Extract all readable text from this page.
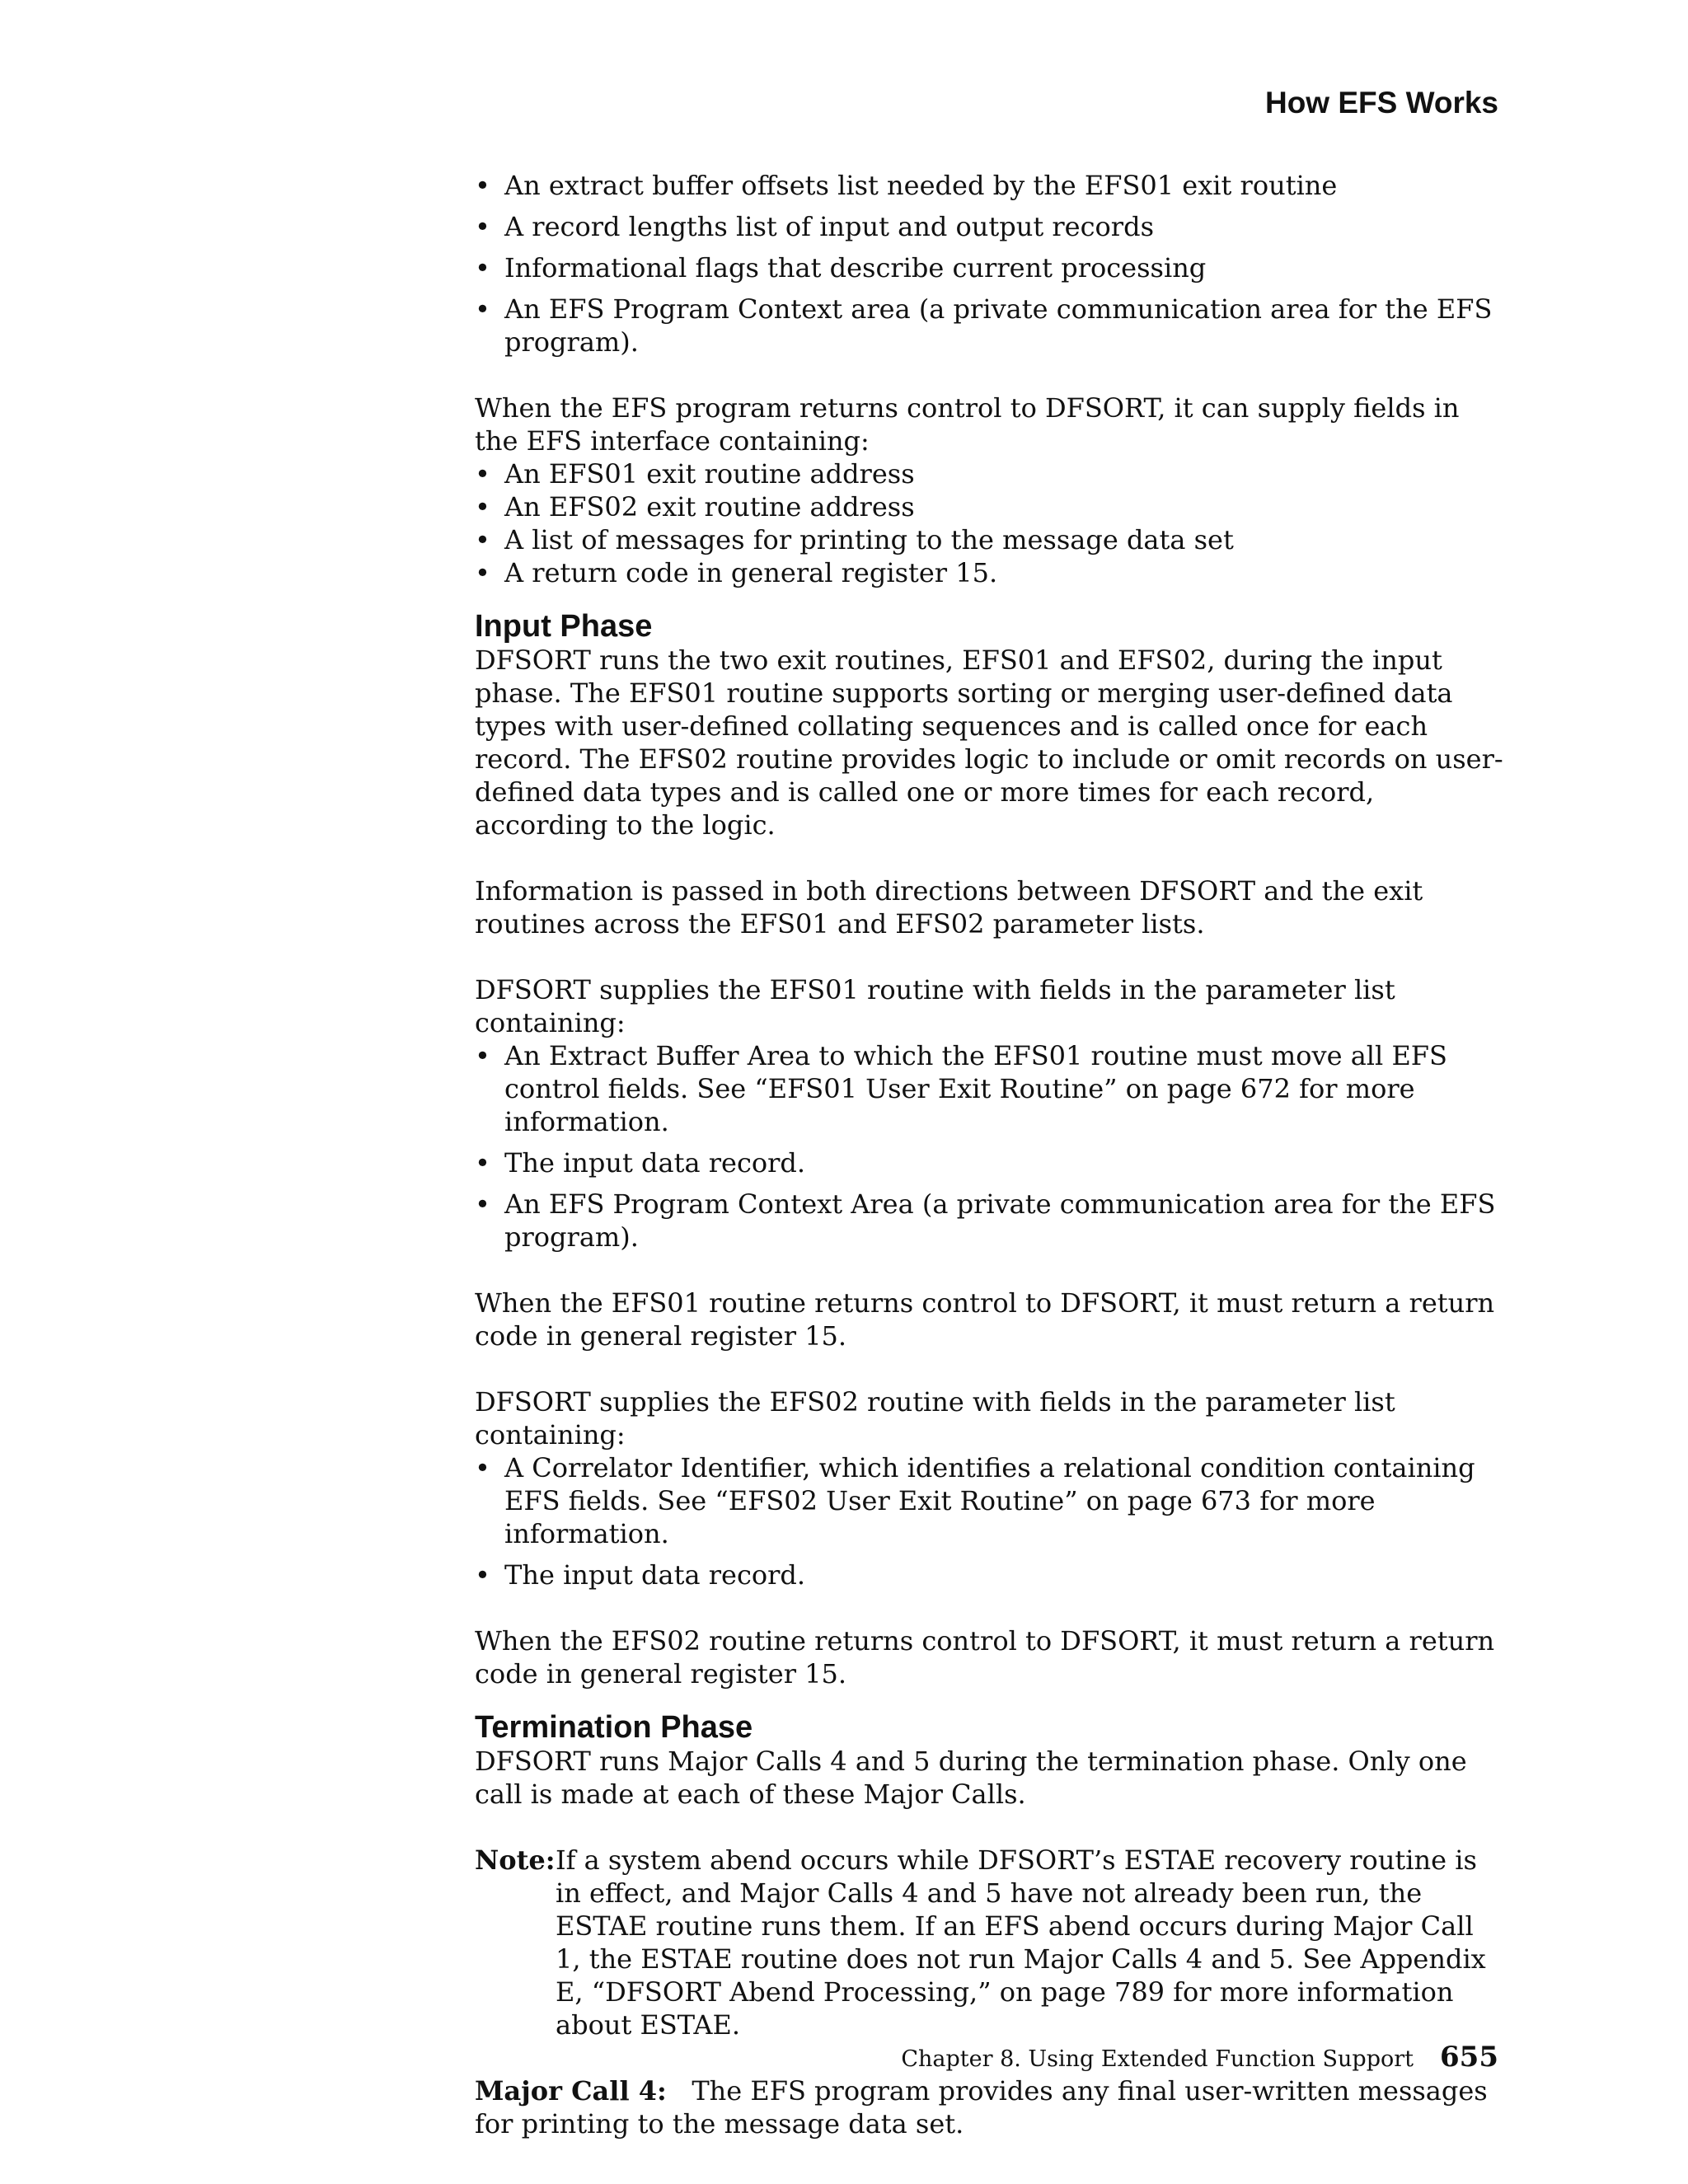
How EFS Works
• An extract buffer offsets list needed by the EFS01 exit routine
• A record lengths list of input and output records
• Informational flags that describe current processing
• An EFS Program Context area (a private communication area for the EFS program).

When the EFS program returns control to DFSORT, it can supply fields in the EFS interface containing:

• An EFS01 exit routine address
• An EFS02 exit routine address
• A list of messages for printing to the message data set
• A return code in general register 15.
Input Phase

DFSORT runs the two exit routines, EFS01 and EFS02, during the input phase. The EFS01 routine supports sorting or merging user-defined data types with user-defined collating sequences and is called once for each record. The EFS02 routine provides logic to include or omit records on user-defined data types and is called one or more times for each record, according to the logic.

Information is passed in both directions between DFSORT and the exit routines across the EFS01 and EFS02 parameter lists.

DFSORT supplies the EFS01 routine with fields in the parameter list containing:

• An Extract Buffer Area to which the EFS01 routine must move all EFS control fields. See “EFS01 User Exit Routine” on page 672 for more information.
• The input data record.
• An EFS Program Context Area (a private communication area for the EFS program).

When the EFS01 routine returns control to DFSORT, it must return a return code in general register 15.

DFSORT supplies the EFS02 routine with fields in the parameter list containing:

• A Correlator Identifier, which identifies a relational condition containing EFS fields. See “EFS02 User Exit Routine” on page 673 for more information.
• The input data record.

When the EFS02 routine returns control to DFSORT, it must return a return code in general register 15.

Termination Phase

DFSORT runs Major Calls 4 and 5 during the termination phase. Only one call is made at each of these Major Calls.

Note: If a system abend occurs while DFSORT’s ESTAE recovery routine is in effect, and Major Calls 4 and 5 have not already been run, the ESTAE routine runs them. If an EFS abend occurs during Major Call 1, the ESTAE routine does not run Major Calls 4 and 5. See Appendix E, “DFSORT Abend Processing,” on page 789 for more information about ESTAE.

Major Call 4: The EFS program provides any final user-written messages for printing to the message data set.

Chapter 8. Using Extended Function Support 655
